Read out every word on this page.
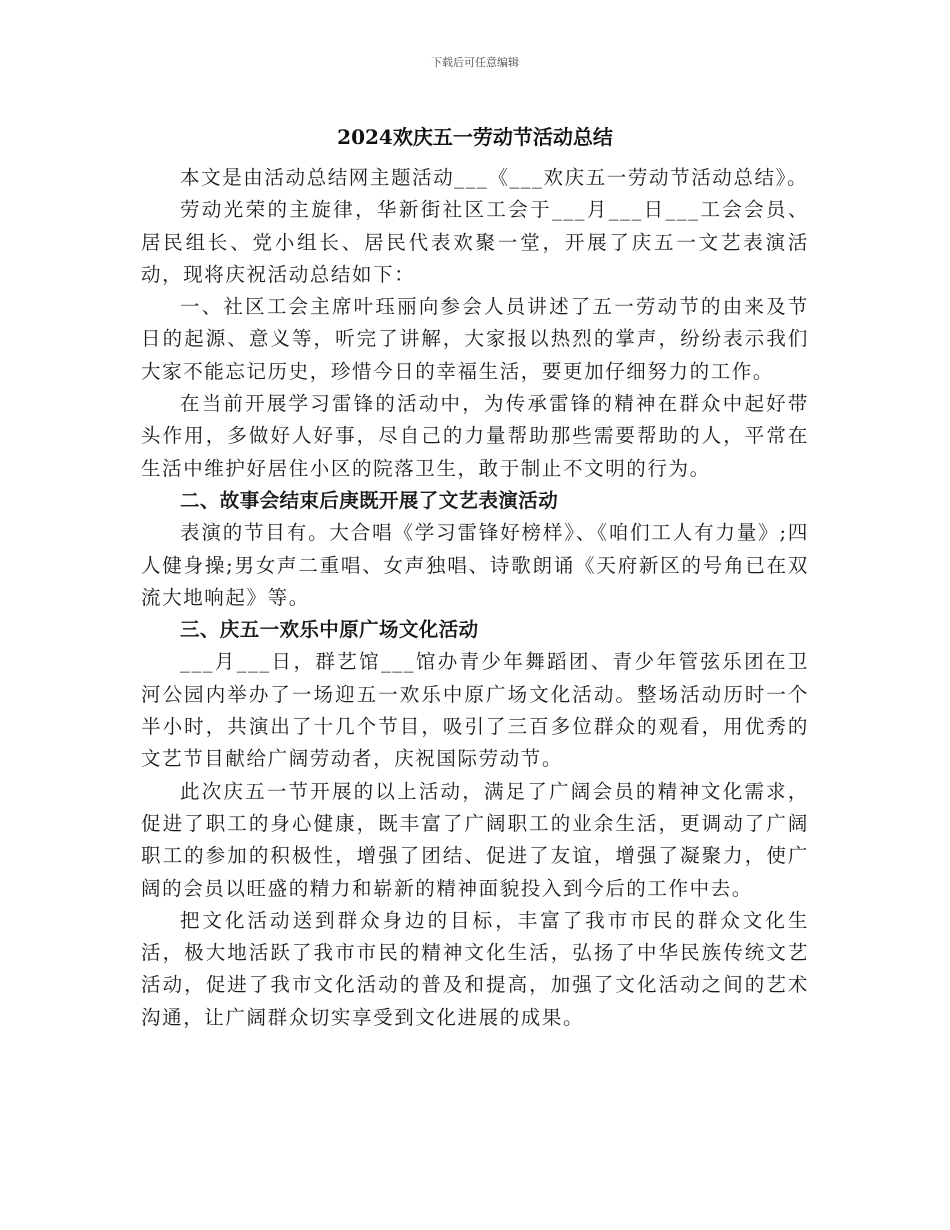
下载后可任意编辑
2024欢庆五一劳动节活动总结

本文是由活动总结网主题活动___《___欢庆五一劳动节活动总结》。

劳动光荣的主旋律，华新街社区工会于___月___日___工会会员、居民组长、党小组长、居民代表欢聚一堂，开展了庆五一文艺表演活动，现将庆祝活动总结如下：

一、社区工会主席叶珏丽向参会人员讲述了五一劳动节的由来及节日的起源、意义等，听完了讲解，大家报以热烈的掌声，纷纷表示我们大家不能忘记历史，珍惜今日的幸福生活，要更加仔细努力的工作。

在当前开展学习雷锋的活动中，为传承雷锋的精神在群众中起好带头作用，多做好人好事，尽自己的力量帮助那些需要帮助的人，平常在生活中维护好居住小区的院落卫生，敢于制止不文明的行为。

二、故事会结束后庚既开展了文艺表演活动

表演的节目有。大合唱《学习雷锋好榜样》、《咱们工人有力量》;四人健身操;男女声二重唱、女声独唱、诗歌朗诵《天府新区的号角已在双流大地响起》等。

三、庆五一欢乐中原广场文化活动

___月___日，群艺馆___馆办青少年舞蹈团、青少年管弦乐团在卫河公园内举办了一场迎五一欢乐中原广场文化活动。整场活动历时一个半小时，共演出了十几个节目，吸引了三百多位群众的观看，用优秀的文艺节目献给广阔劳动者，庆祝国际劳动节。

此次庆五一节开展的以上活动，满足了广阔会员的精神文化需求，促进了职工的身心健康，既丰富了广阔职工的业余生活，更调动了广阔职工的参加的积极性，增强了团结、促进了友谊，增强了凝聚力，使广阔的会员以旺盛的精力和崭新的精神面貌投入到今后的工作中去。

把文化活动送到群众身边的目标，丰富了我市市民的群众文化生活，极大地活跃了我市市民的精神文化生活，弘扬了中华民族传统文艺活动，促进了我市文化活动的普及和提高，加强了文化活动之间的艺术沟通，让广阔群众切实享受到文化进展的成果。
